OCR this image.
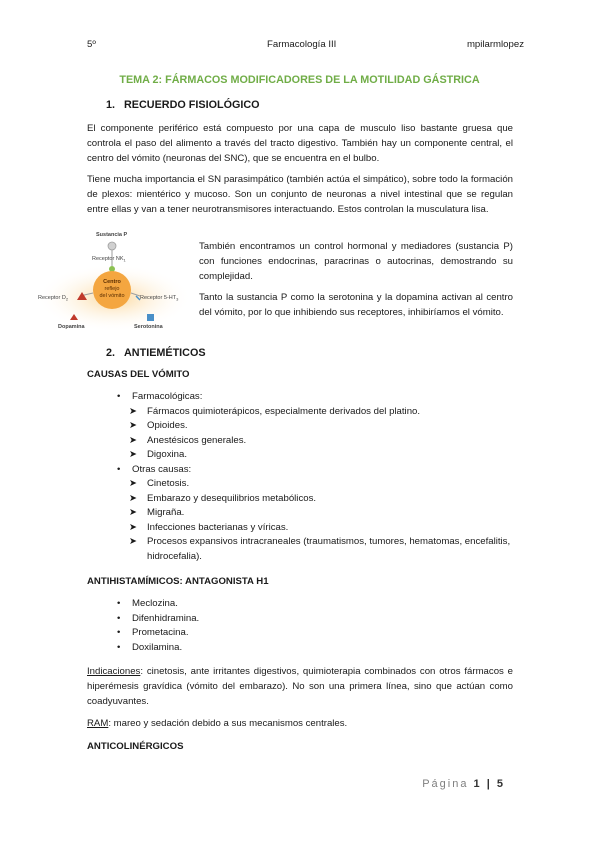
5º	Farmacología III	mpilarmlopez
TEMA 2: FÁRMACOS MODIFICADORES DE LA MOTILIDAD GÁSTRICA
1. RECUERDO FISIOLÓGICO
El componente periférico está compuesto por una capa de musculo liso bastante gruesa que controla el paso del alimento a través del tracto digestivo. También hay un componente central, el centro del vómito (neuronas del SNC), que se encuentra en el bulbo.
Tiene mucha importancia el SN parasimpático (también actúa el simpático), sobre todo la formación de plexos: mientérico y mucoso. Son un conjunto de neuronas a nivel intestinal que se regulan entre ellas y van a tener neurotransmisores interactuando. Estos controlan la musculatura lisa.
Sustancia P
Receptor $NK_1$
Centro
reflejo
del vómito
Receptor $D_2$	Receptor $5-HT_3$
Dopamina	Serotonina
También encontramos un control hormonal y mediadores (sustancia P) con funciones endocrinas, paracrinas o autocrinas, demostrando su complejidad.
Tanto la sustancia P como la serotonina y la dopamina activan al centro del vómito, por lo que inhibiendo sus receptores, inhibiríamos el vómito.
2. ANTIEMÉTICOS
CAUSAS DEL VÓMITO
• Farmacológicas:
➤ Fármacos quimioterápicos, especialmente derivados del platino.
➤ Opioides.
➤ Anestésicos generales.
➤ Digoxina.
• Otras causas:
➤ Cinetosis.
➤ Embarazo y desequilibrios metabólicos.
➤ Migraña.
➤ Infecciones bacterianas y víricas.
➤ Procesos expansivos intracraneales (traumatismos, tumores, hematomas, encefalitis, hidrocefalia).
ANTIHISTAMÍMICOS: ANTAGONISTA H1
• Meclozina.
• Difenhidramina.
• Prometacina.
• Doxilamina.
Indicaciones: cinetosis, ante irritantes digestivos, quimioterapia combinados con otros fármacos e hiperémesis gravídica (vómito del embarazo). No son una primera línea, sino que actúan como coadyuvantes.
RAM: mareo y sedación debido a sus mecanismos centrales.
ANTICOLINÉRGICOS
Página 1 | 5
